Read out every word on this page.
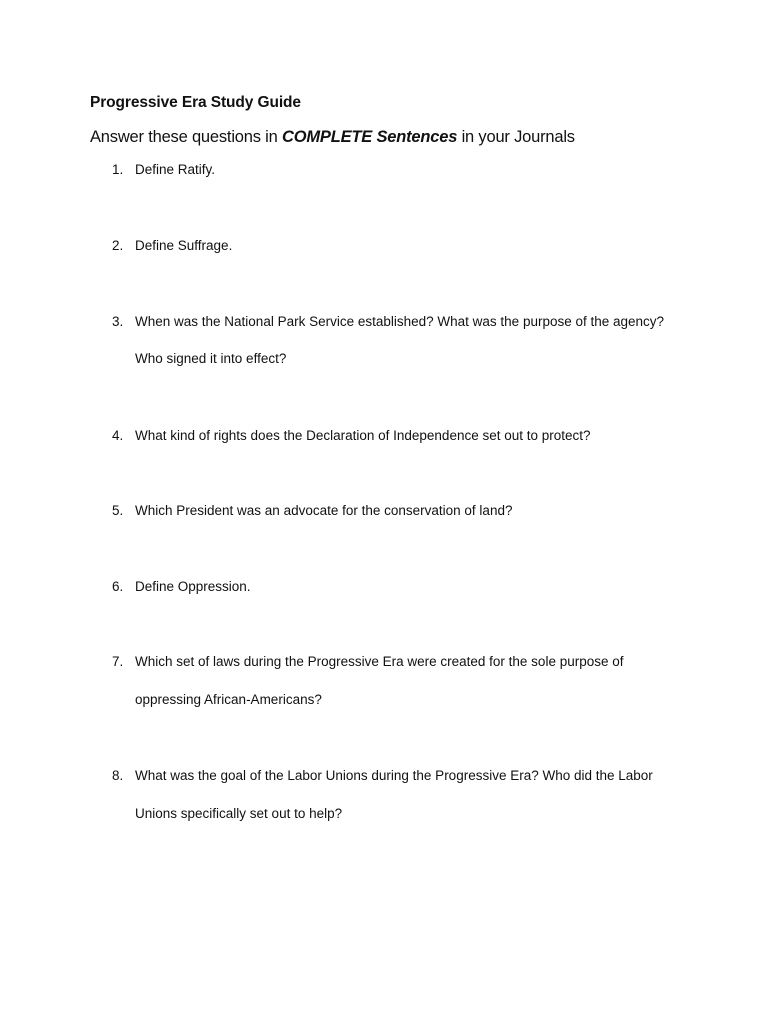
Progressive Era Study Guide
Answer these questions in COMPLETE Sentences in your Journals
1. Define Ratify.
2. Define Suffrage.
3. When was the National Park Service established? What was the purpose of the agency?
Who signed it into effect?
4. What kind of rights does the Declaration of Independence set out to protect?
5. Which President was an advocate for the conservation of land?
6. Define Oppression.
7. Which set of laws during the Progressive Era were created for the sole purpose of
oppressing African-Americans?
8. What was the goal of the Labor Unions during the Progressive Era? Who did the Labor
Unions specifically set out to help?
